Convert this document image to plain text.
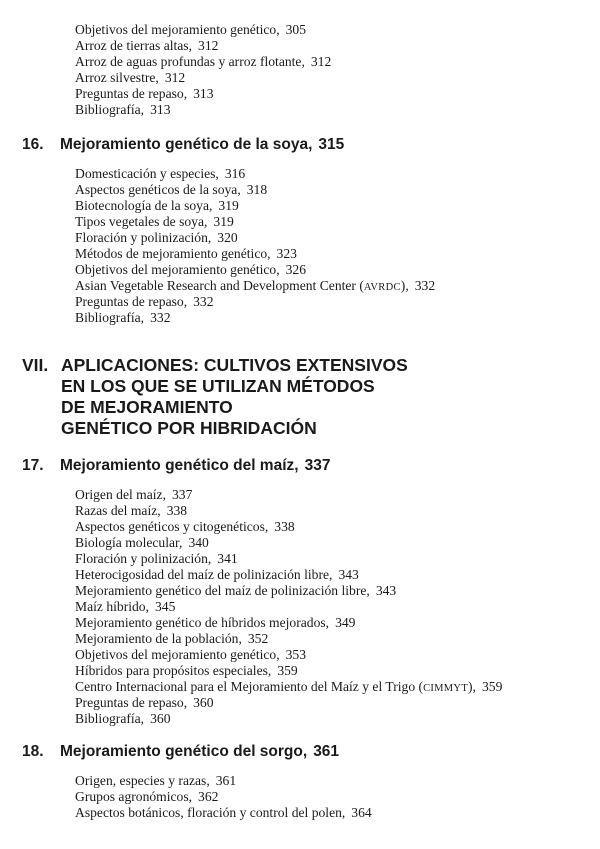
Objetivos del mejoramiento genético, 305
Arroz de tierras altas, 312
Arroz de aguas profundas y arroz flotante, 312
Arroz silvestre, 312
Preguntas de repaso, 313
Bibliografía, 313
16. Mejoramiento genético de la soya, 315
Domesticación y especies, 316
Aspectos genéticos de la soya, 318
Biotecnología de la soya, 319
Tipos vegetales de soya, 319
Floración y polinización, 320
Métodos de mejoramiento genético, 323
Objetivos del mejoramiento genético, 326
Asian Vegetable Research and Development Center (AVRDC), 332
Preguntas de repaso, 332
Bibliografía, 332
VII. APLICACIONES: CULTIVOS EXTENSIVOS
EN LOS QUE SE UTILIZAN MÉTODOS
DE MEJORAMIENTO
GENÉTICO POR HIBRIDACIÓN
17. Mejoramiento genético del maíz, 337
Origen del maíz, 337
Razas del maíz, 338
Aspectos genéticos y citogenéticos, 338
Biología molecular, 340
Floración y polinización, 341
Heterocigosidad del maíz de polinización libre, 343
Mejoramiento genético del maíz de polinización libre, 343
Maíz híbrido, 345
Mejoramiento genético de híbridos mejorados, 349
Mejoramiento de la población, 352
Objetivos del mejoramiento genético, 353
Híbridos para propósitos especiales, 359
Centro Internacional para el Mejoramiento del Maíz y el Trigo (CIMMYT), 359
Preguntas de repaso, 360
Bibliografía, 360
18. Mejoramiento genético del sorgo, 361
Origen, especies y razas, 361
Grupos agronómicos, 362
Aspectos botánicos, floración y control del polen, 364
